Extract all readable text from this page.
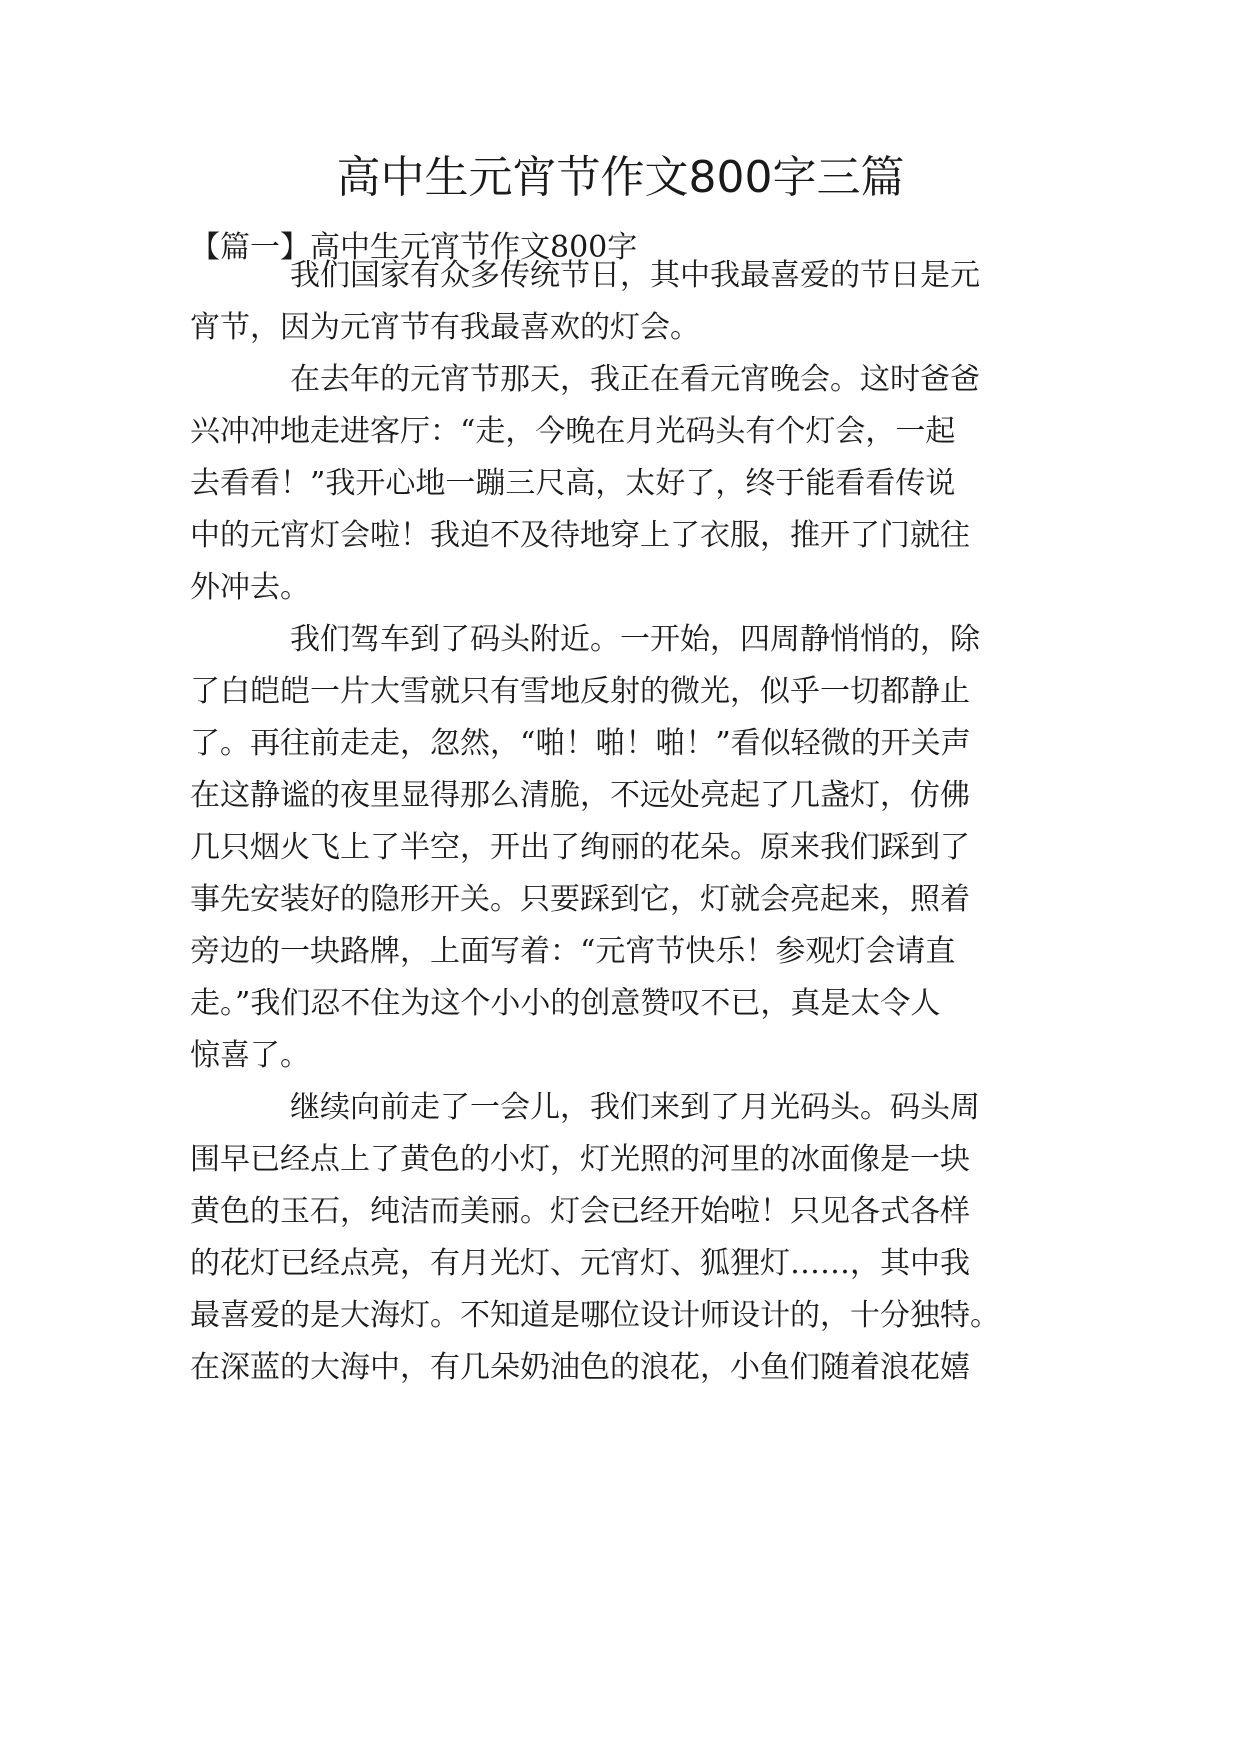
高中生元宵节作文800字三篇
【篇一】高中生元宵节作文800字
我们国家有众多传统节日，其中我最喜爱的节日是元
宵节，因为元宵节有我最喜欢的灯会。
在去年的元宵节那天，我正在看元宵晚会。这时爸爸
兴冲冲地走进客厅：“走，今晚在月光码头有个灯会，一起
去看看！”我开心地一蹦三尺高，太好了，终于能看看传说
中的元宵灯会啦！我迫不及待地穿上了衣服，推开了门就往
外冲去。
我们驾车到了码头附近。一开始，四周静悄悄的，除
了白皑皑一片大雪就只有雪地反射的微光，似乎一切都静止
了。再往前走走，忽然，“啪！啪！啪！”看似轻微的开关声
在这静谧的夜里显得那么清脆，不远处亮起了几盏灯，仿佛
几只烟火飞上了半空，开出了绚丽的花朵。原来我们踩到了
事先安装好的隐形开关。只要踩到它，灯就会亮起来，照着
旁边的一块路牌，上面写着：“元宵节快乐！参观灯会请直
走。”我们忍不住为这个小小的创意赞叹不已，真是太令人
惊喜了。
继续向前走了一会儿，我们来到了月光码头。码头周
围早已经点上了黄色的小灯，灯光照的河里的冰面像是一块
黄色的玉石，纯洁而美丽。灯会已经开始啦！只见各式各样
的花灯已经点亮，有月光灯、元宵灯、狐狸灯……，其中我
最喜爱的是大海灯。不知道是哪位设计师设计的，十分独特。
在深蓝的大海中，有几朵奶油色的浪花，小鱼们随着浪花嬉
